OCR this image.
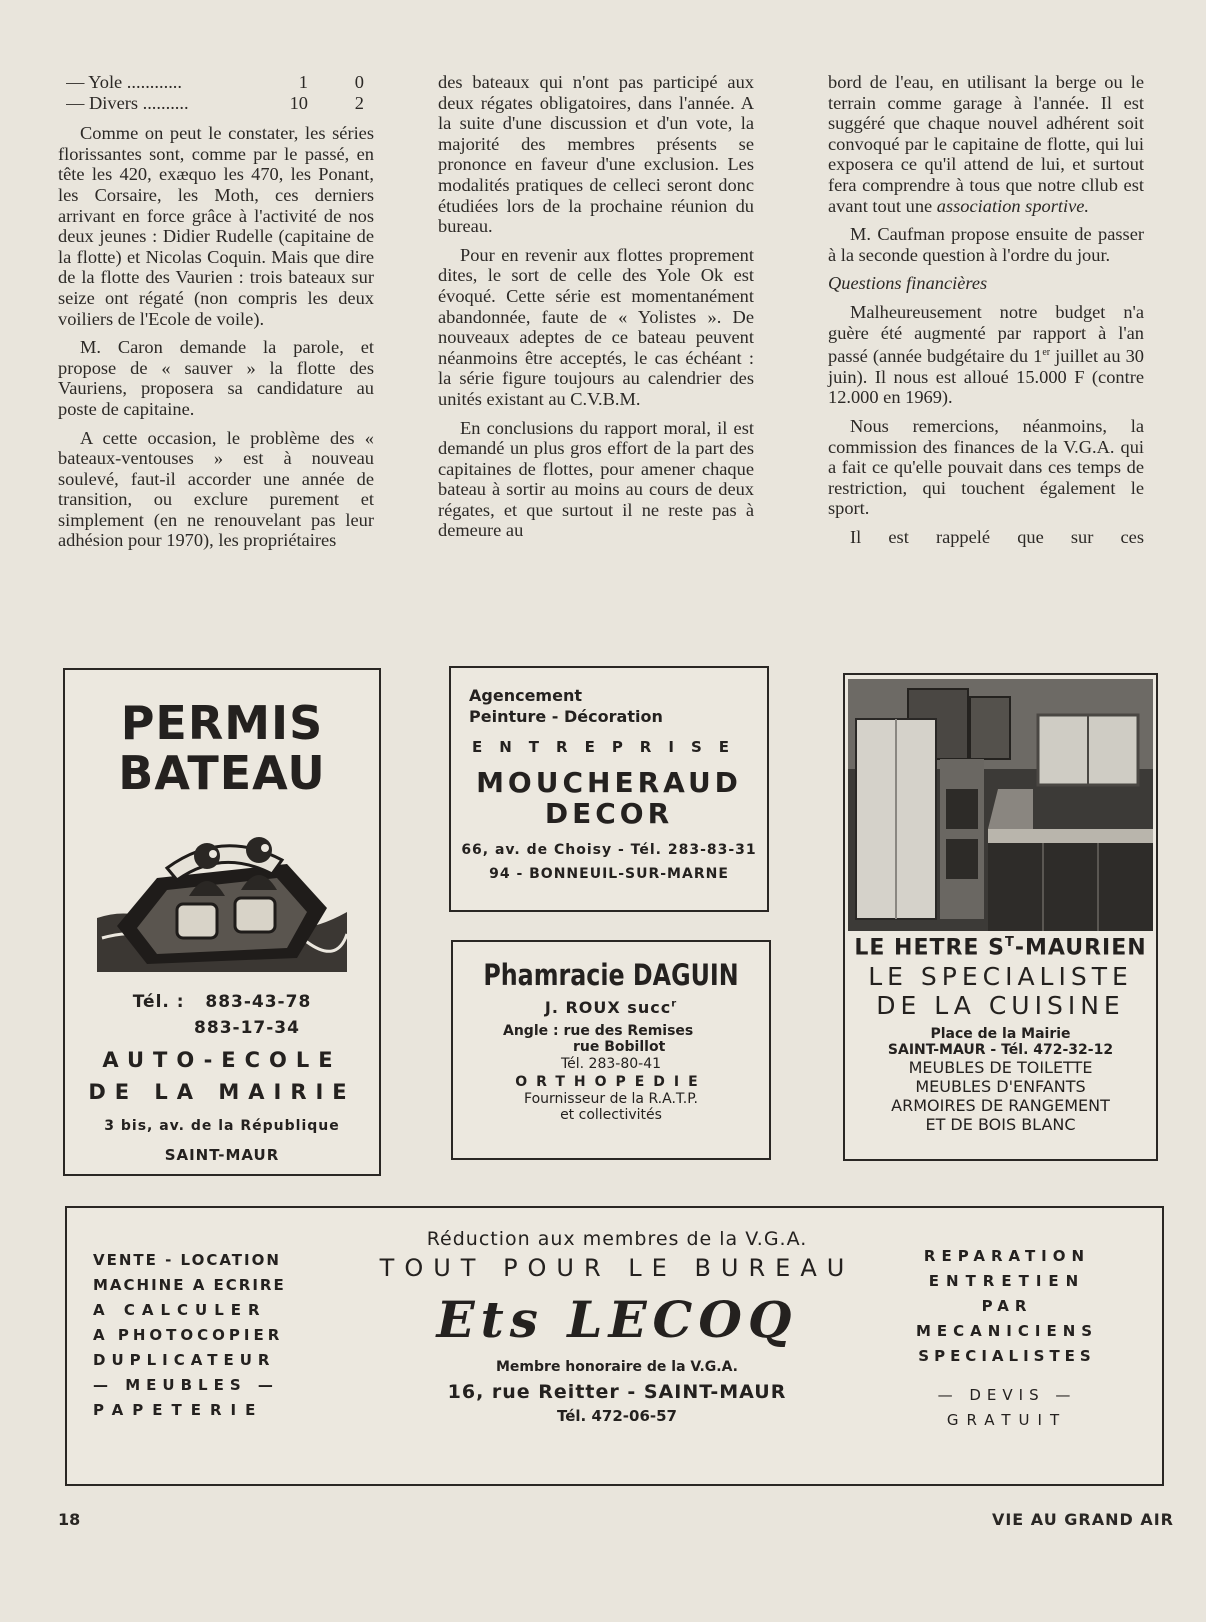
— Yole ............	1	0
— Divers ..........	10	2

Comme on peut le constater, les séries florissantes sont, comme par le passé, en tête les 420, exæquo les 470, les Ponant, les Corsaire, les Moth, ces derniers arrivant en force grâce à l'activité de nos deux jeunes : Didier Rudelle (capitaine de la flotte) et Nicolas Coquin. Mais que dire de la flotte des Vaurien : trois bateaux sur seize ont régaté (non compris les deux voiliers de l'Ecole de voile).

M. Caron demande la parole, et propose de « sauver » la flotte des Vauriens, proposera sa candidature au poste de capitaine.

A cette occasion, le problème des « bateaux-ventouses » est à nouveau soulevé, faut-il accorder une année de transition, ou exclure purement et simplement (en ne renouvelant pas leur adhésion pour 1970), les propriétaires

des bateaux qui n'ont pas participé aux deux régates obligatoires, dans l'année. A la suite d'une discussion et d'un vote, la majorité des membres présents se prononce en faveur d'une exclusion. Les modalités pratiques de celleci seront donc étudiées lors de la prochaine réunion du bureau.

Pour en revenir aux flottes proprement dites, le sort de celle des Yole Ok est évoqué. Cette série est momentanément abandonnée, faute de « Yolistes ». De nouveaux adeptes de ce bateau peuvent néanmoins être acceptés, le cas échéant : la série figure toujours au calendrier des unités existant au C.V.B.M.

En conclusions du rapport moral, il est demandé un plus gros effort de la part des capitaines de flottes, pour amener chaque bateau à sortir au moins au cours de deux régates, et que surtout il ne reste pas à demeure au

bord de l'eau, en utilisant la berge ou le terrain comme garage à l'année. Il est suggéré que chaque nouvel adhérent soit convoqué par le capitaine de flotte, qui lui exposera ce qu'il attend de lui, et surtout fera comprendre à tous que notre cllub est avant tout une association sportive.

M. Caufman propose ensuite de passer à la seconde question à l'ordre du jour.

Questions financières

Malheureusement notre budget n'a guère été augmenté par rapport à l'an passé (année budgétaire du 1er juillet au 30 juin). Il nous est alloué 15.000 F (contre 12.000 en 1969).

Nous remercions, néanmoins, la commission des finances de la V.G.A. qui a fait ce qu'elle pouvait dans ces temps de restriction, qui touchent également le sport.

Il est rappelé que sur ces

PERMIS
BATEAU
Tél. : 883-43-78
883-17-34
AUTO-ECOLE
DE LA MAIRIE
3 bis, av. de la République
SAINT-MAUR
Agencement
Peinture - Décoration
ENTREPRISE
MOUCHERAUD
DECOR
66, av. de Choisy - Tél. 283-83-31
94 - BONNEUIL-SUR-MARNE
Phamracie DAGUIN
J. ROUX succ$^r$
Angle : rue des Remises
rue Bobillot
Tél. 283-80-41
ORTHOPEDIE
Fournisseur de la R.A.T.P.
et collectivités
LE HETRE $S^T$-MAURIEN
LE SPECIALISTE
DE LA CUISINE
Place de la Mairie
SAINT-MAUR - Tél. 472-32-12
MEUBLES DE TOILETTE
MEUBLES D'ENFANTS
ARMOIRES DE RANGEMENT
ET DE BOIS BLANC
VENTE - LOCATION
MACHINE A ECRIRE
A CALCULER
A PHOTOCOPIER
DUPLICATEUR
— MEUBLES —
PAPETERIE
Réduction aux membres de la V.G.A.
TOUT POUR LE BUREAU
Ets LECOQ
Membre honoraire de la V.G.A.
16, rue Reitter - SAINT-MAUR
Tél. 472-06-57
REPARATION
ENTRETIEN
PAR
MECANICIENS
SPECIALISTES
— DEVIS —
GRATUIT
18	VIE AU GRAND AIR
